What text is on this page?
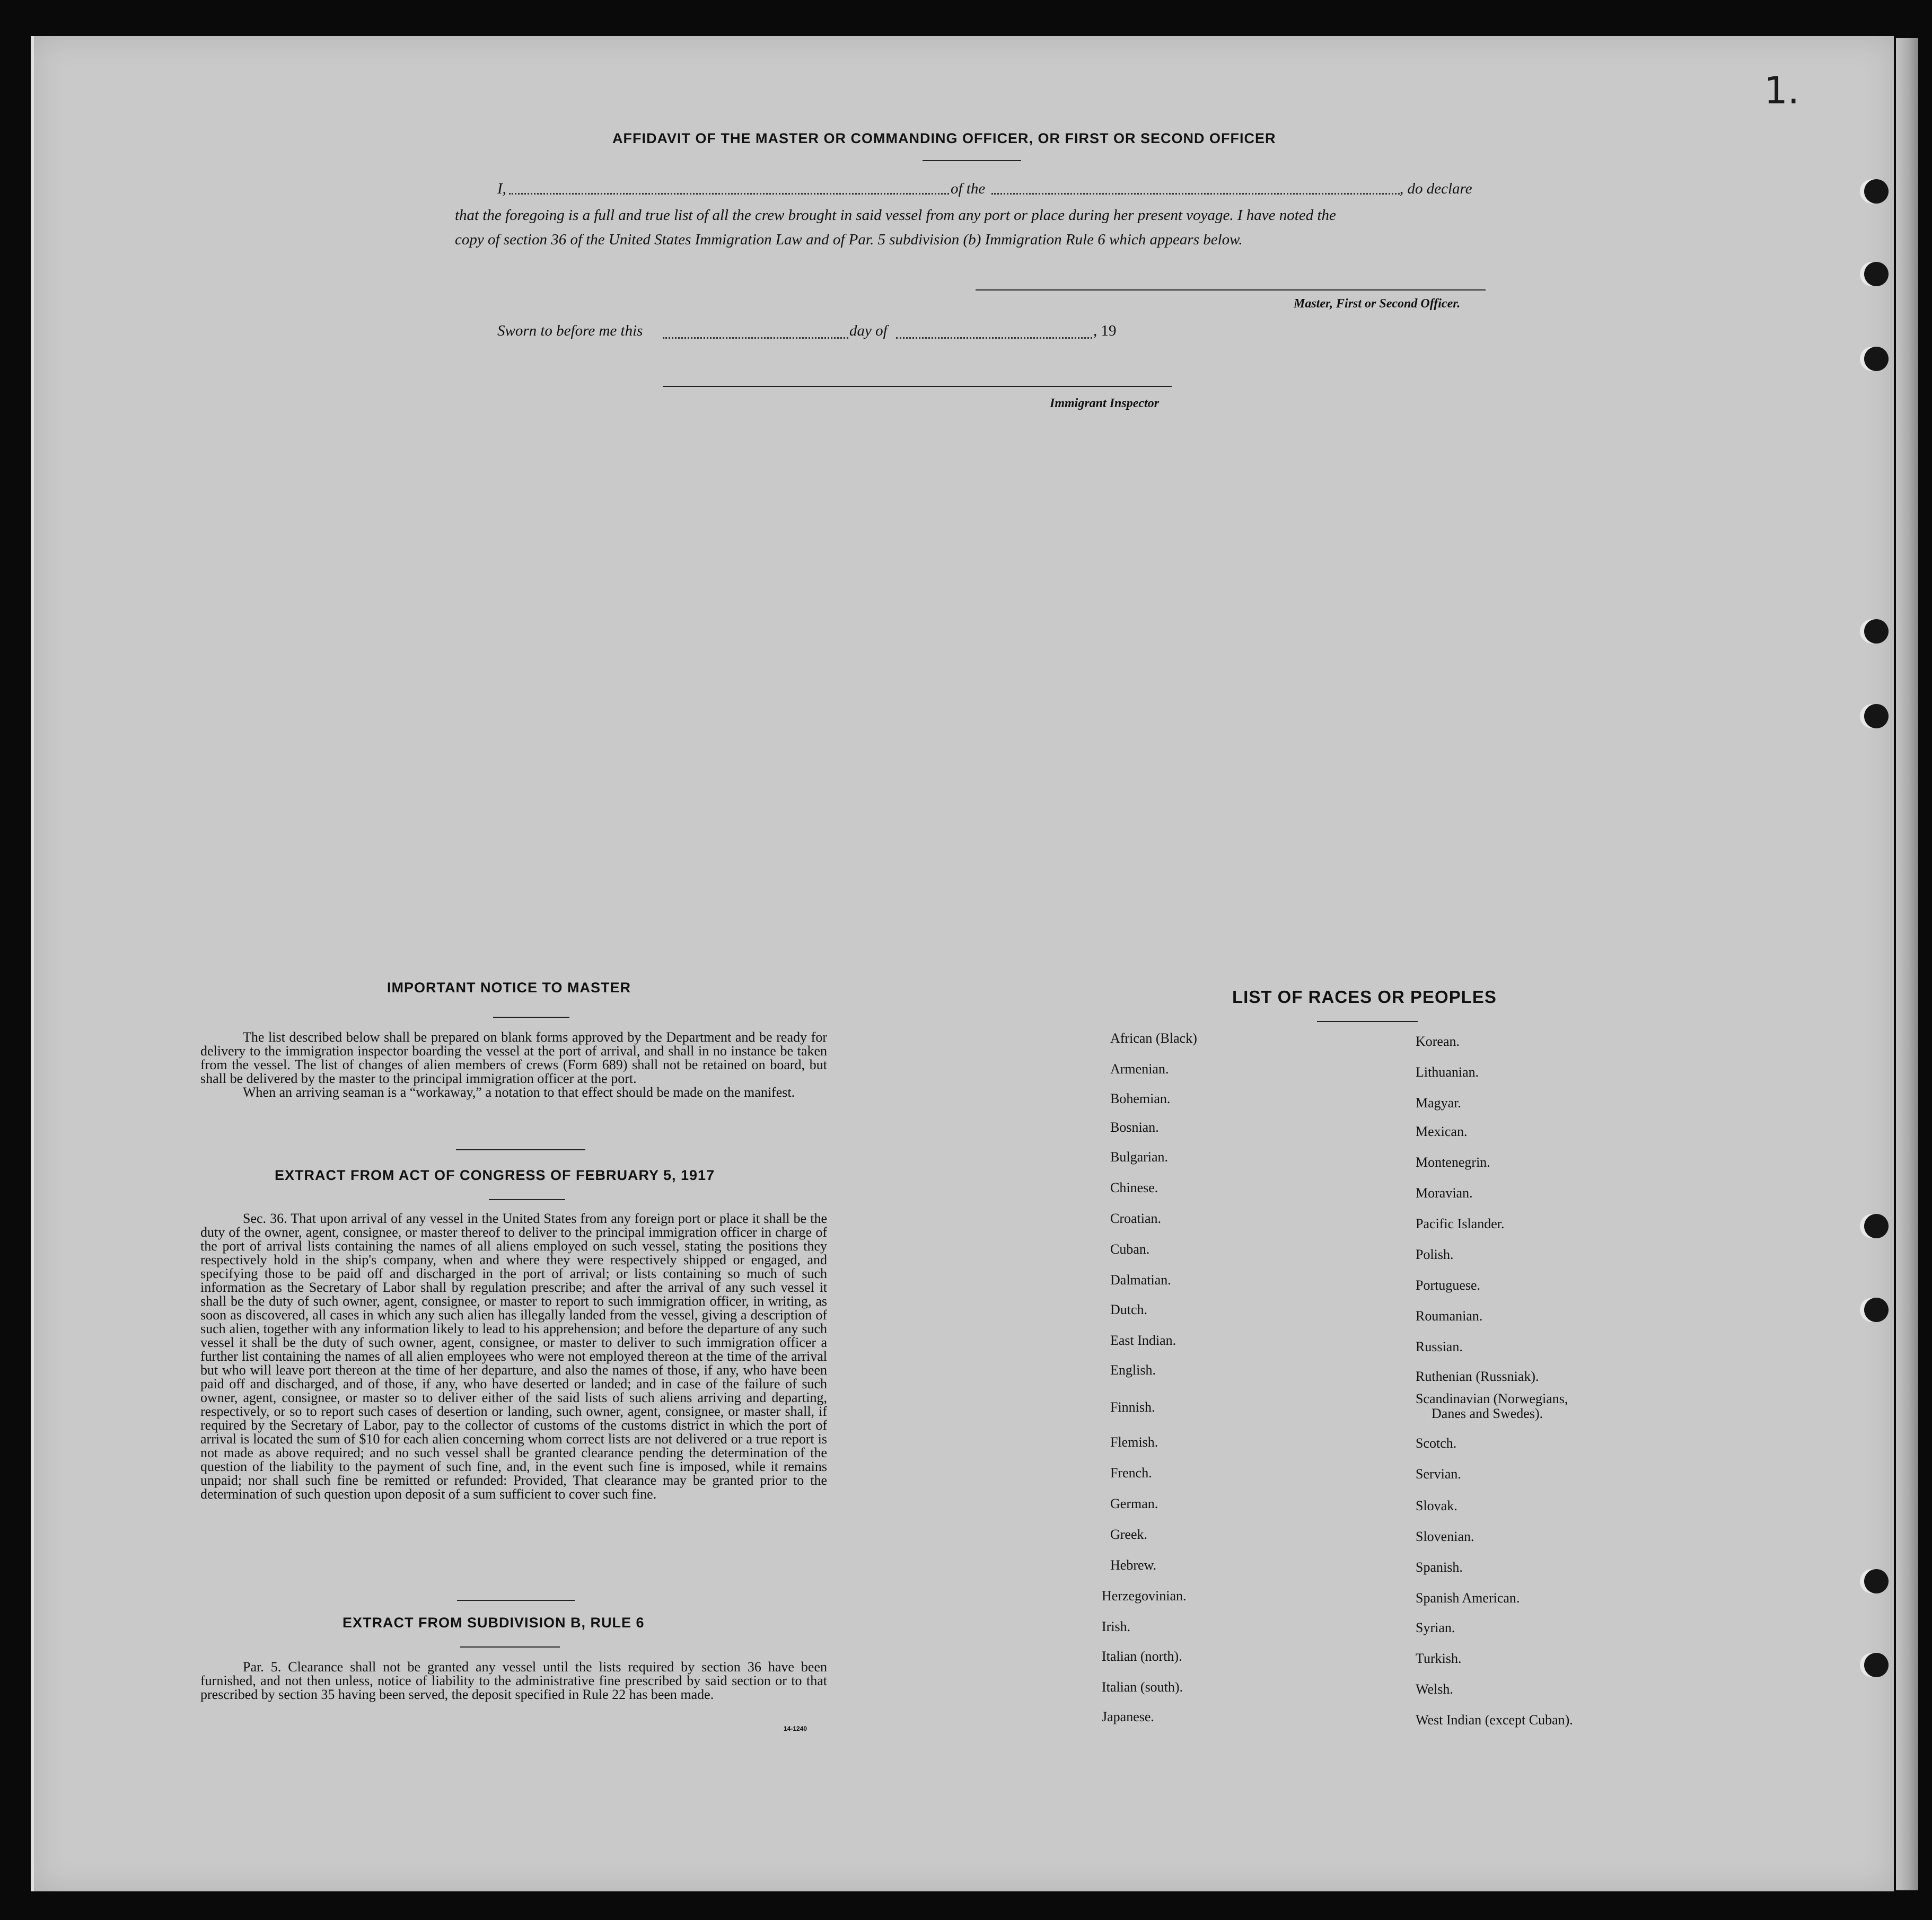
1.
AFFIDAVIT OF THE MASTER OR COMMANDING OFFICER, OR FIRST OR SECOND OFFICER
I,	of the	, do declare
that the foregoing is a full and true list of all the crew brought in said vessel from any port or place during her present voyage. I have noted the
copy of section 36 of the United States Immigration Law and of Par. 5 subdivision (b) Immigration Rule 6 which appears below.
Master, First or Second Officer.
Sworn to before me this	day of	, 19
Immigrant Inspector
IMPORTANT NOTICE TO MASTER

The list described below shall be prepared on blank forms approved by the Department and be ready for delivery to the immigration inspector boarding the vessel at the port of arrival, and shall in no instance be taken from the vessel. The list of changes of alien members of crews (Form 689) shall not be retained on board, but shall be delivered by the master to the principal immigration officer at the port.

When an arriving seaman is a “workaway,” a notation to that effect should be made on the manifest.

EXTRACT FROM ACT OF CONGRESS OF FEBRUARY 5, 1917

Sec. 36. That upon arrival of any vessel in the United States from any foreign port or place it shall be the duty of the owner, agent, consignee, or master thereof to deliver to the principal immigration officer in charge of the port of arrival lists containing the names of all aliens employed on such vessel, stating the positions they respectively hold in the ship's company, when and where they were respectively shipped or engaged, and specifying those to be paid off and discharged in the port of arrival; or lists containing so much of such information as the Secretary of Labor shall by regulation prescribe; and after the arrival of any such vessel it shall be the duty of such owner, agent, consignee, or master to report to such immigration officer, in writing, as soon as discovered, all cases in which any such alien has illegally landed from the vessel, giving a description of such alien, together with any information likely to lead to his apprehension; and before the departure of any such vessel it shall be the duty of such owner, agent, consignee, or master to deliver to such immigration officer a further list containing the names of all alien employees who were not employed thereon at the time of the arrival but who will leave port thereon at the time of her departure, and also the names of those, if any, who have been paid off and discharged, and of those, if any, who have deserted or landed; and in case of the failure of such owner, agent, consignee, or master so to deliver either of the said lists of such aliens arriving and departing, respectively, or so to report such cases of desertion or landing, such owner, agent, consignee, or master shall, if required by the Secretary of Labor, pay to the collector of customs of the customs district in which the port of arrival is located the sum of $10 for each alien concerning whom correct lists are not delivered or a true report is not made as above required; and no such vessel shall be granted clearance pending the determination of the question of the liability to the payment of such fine, and, in the event such fine is imposed, while it remains unpaid; nor shall such fine be remitted or refunded: Provided, That clearance may be granted prior to the determination of such question upon deposit of a sum sufficient to cover such fine.

EXTRACT FROM SUBDIVISION B, RULE 6

Par. 5. Clearance shall not be granted any vessel until the lists required by section 36 have been furnished, and not then unless, notice of liability to the administrative fine prescribed by said section or to that prescribed by section 35 having been served, the deposit specified in Rule 22 has been made.

14-1240
LIST OF RACES OR PEOPLES
African (Black)
Armenian.
Bohemian.
Bosnian.
Bulgarian.
Chinese.
Croatian.
Cuban.
Dalmatian.
Dutch.
East Indian.
English.
Finnish.
Flemish.
French.
German.
Greek.
Hebrew.
Herzegovinian.
Irish.
Italian (north).
Italian (south).
Japanese.
Korean.
Lithuanian.
Magyar.
Mexican.
Montenegrin.
Moravian.
Pacific Islander.
Polish.
Portuguese.
Roumanian.
Russian.
Ruthenian (Russniak).
Scandinavian (Norwegians,
Danes and Swedes).
Scotch.
Servian.
Slovak.
Slovenian.
Spanish.
Spanish American.
Syrian.
Turkish.
Welsh.
West Indian (except Cuban).
